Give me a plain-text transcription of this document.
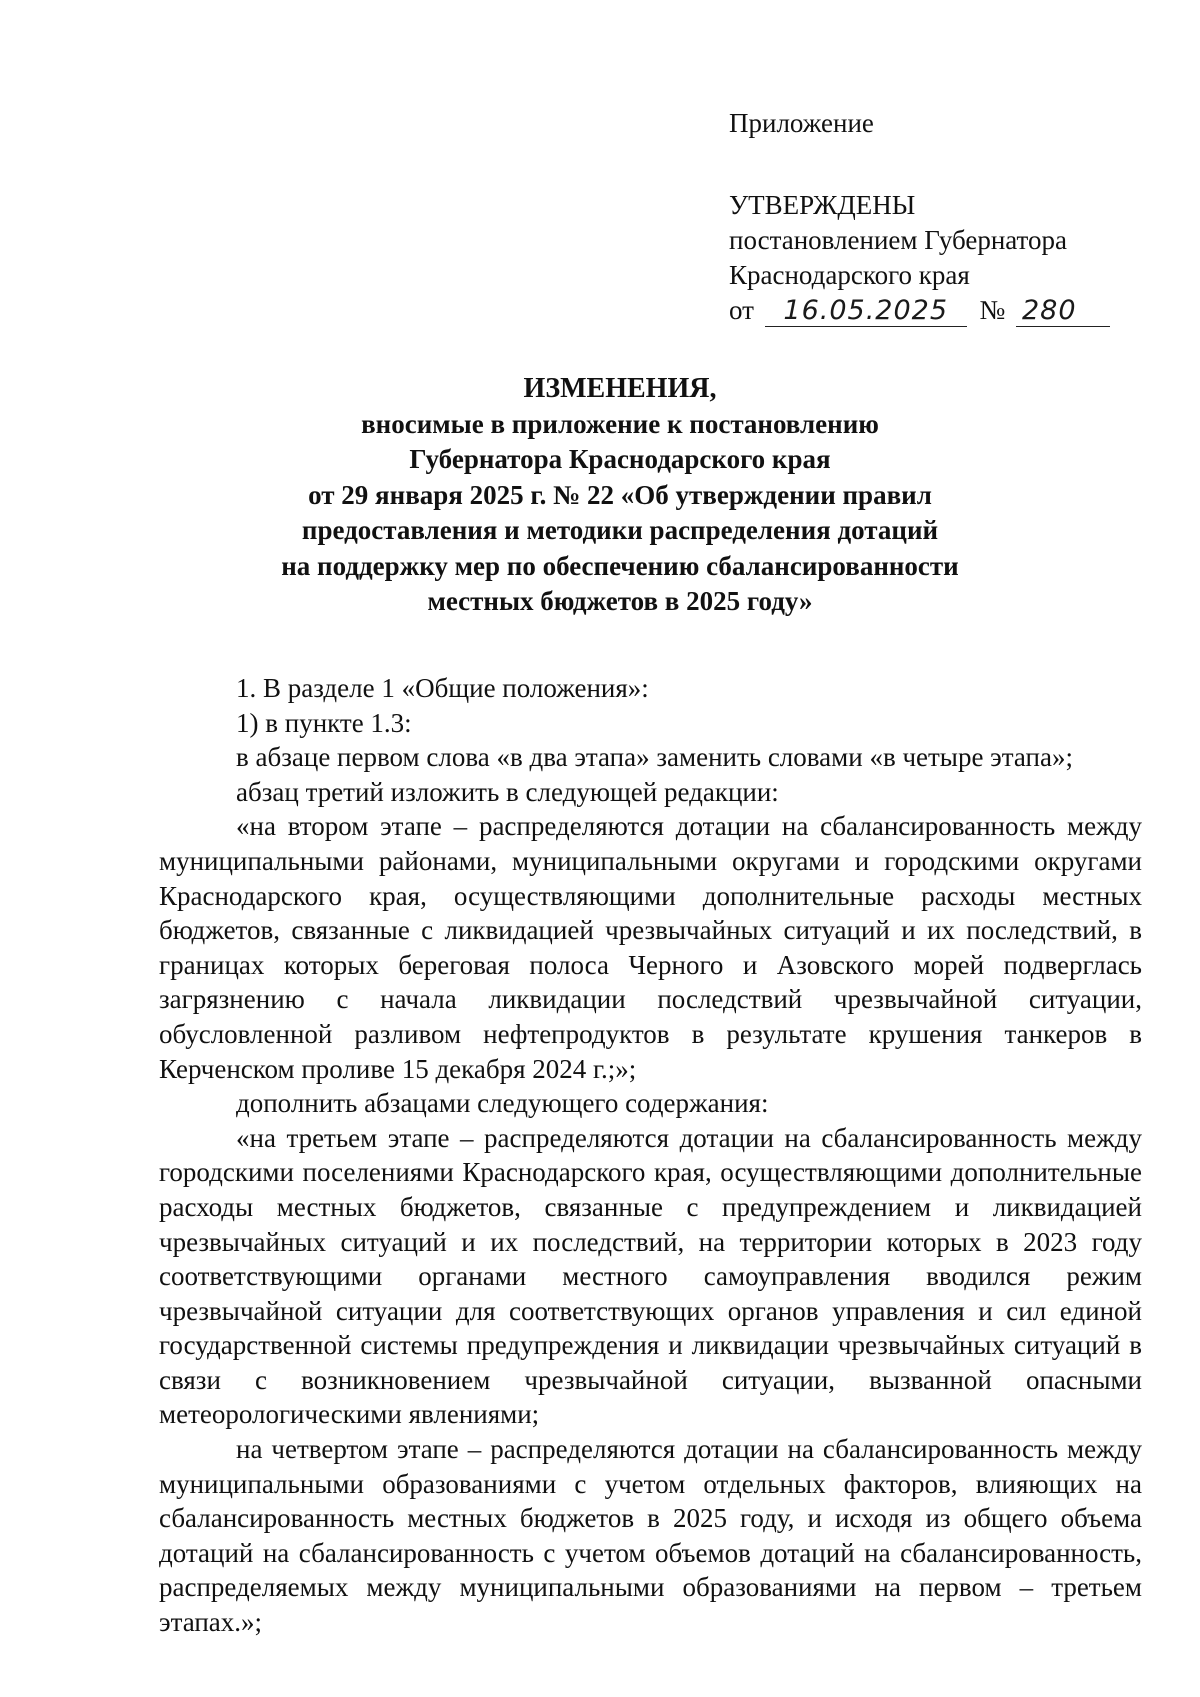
Приложение
УТВЕРЖДЕНЫ
постановлением Губернатора
Краснодарского края
от 16.05.2025 № 280
ИЗМЕНЕНИЯ,
вносимые в приложение к постановлению
Губернатора Краснодарского края
от 29 января 2025 г. № 22 «Об утверждении правил
предоставления и методики распределения дотаций
на поддержку мер по обеспечению сбалансированности
местных бюджетов в 2025 году»

1. В разделе 1 «Общие положения»:

1) в пункте 1.3:

в абзаце первом слова «в два этапа» заменить словами «в четыре этапа»;

абзац третий изложить в следующей редакции:

«на втором этапе – распределяются дотации на сбалансированность между муниципальными районами, муниципальными округами и городскими округами Краснодарского края, осуществляющими дополнительные расходы местных бюджетов, связанные с ликвидацией чрезвычайных ситуаций и их последствий, в границах которых береговая полоса Черного и Азовского морей подверглась загрязнению с начала ликвидации последствий чрезвычайной ситуации, обусловленной разливом нефтепродуктов в результате крушения танкеров в Керченском проливе 15 декабря 2024 г.;»;

дополнить абзацами следующего содержания:

«на третьем этапе – распределяются дотации на сбалансированность между городскими поселениями Краснодарского края, осуществляющими дополнительные расходы местных бюджетов, связанные с предупреждением и ликвидацией чрезвычайных ситуаций и их последствий, на территории которых в 2023 году соответствующими органами местного самоуправления вводился режим чрезвычайной ситуации для соответствующих органов управления и сил единой государственной системы предупреждения и ликвидации чрезвычайных ситуаций в связи с возникновением чрезвычайной ситуации, вызванной опасными метеорологическими явлениями;

на четвертом этапе – распределяются дотации на сбалансированность между муниципальными образованиями с учетом отдельных факторов, влияющих на сбалансированность местных бюджетов в 2025 году, и исходя из общего объема дотаций на сбалансированность с учетом объемов дотаций на сбалансированность, распределяемых между муниципальными образованиями на первом – третьем этапах.»;
